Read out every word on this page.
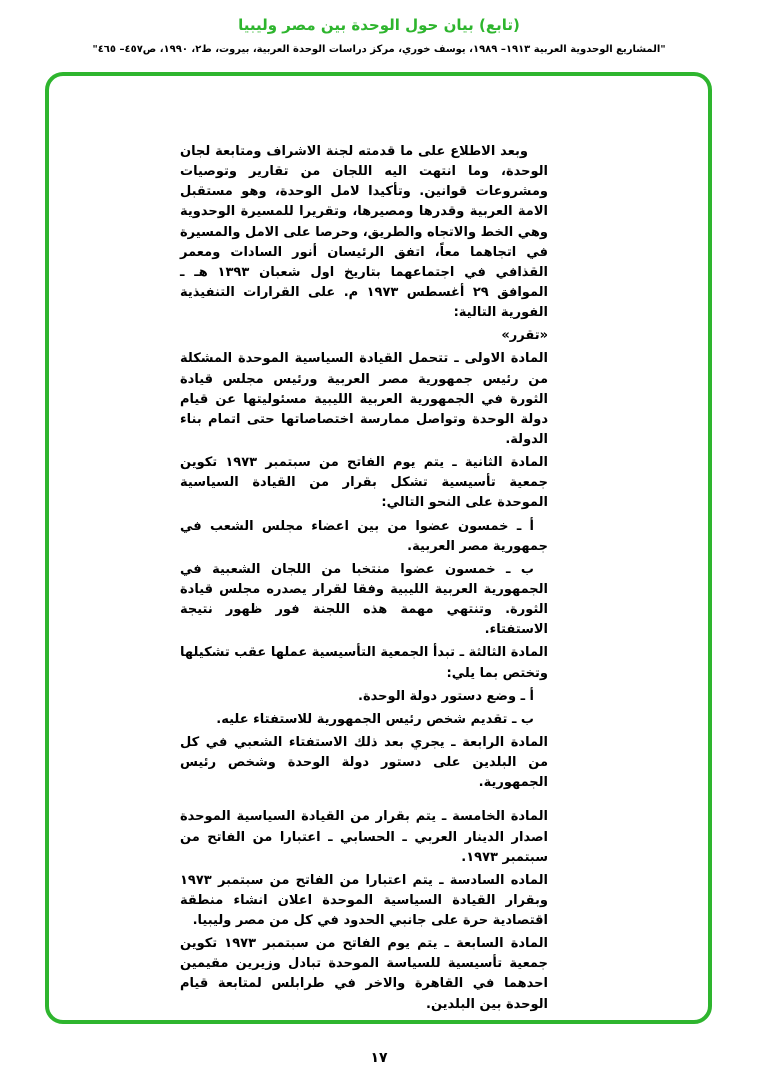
(تابع) بيان حول الوحدة بين مصر وليبيا
"المشاريع الوحدوية العربية ١٩١٣– ١٩٨٩، يوسف خوري، مركز دراسات الوحدة العربية، بيروت، ط٢، ١٩٩٠، ص٤٥٧– ٤٦٥"

وبعد الاطلاع على ما قدمته لجنة الاشراف ومتابعة لجان الوحدة، وما انتهت اليه اللجان من تقارير وتوصيات ومشروعات قوانين. وتأكيدا لامل الوحدة، وهو مستقبل الامة العربية وقدرها ومصيرها، وتقريرا للمسيرة الوحدوية وهي الخط والاتجاه والطريق، وحرصا على الامل والمسيرة في اتجاهما معاً، اتفق الرئيسان أنور السادات ومعمر القذافي في اجتماعهما بتاريخ اول شعبان ١٣٩٣ هـ ـ الموافق ٢٩ أغسطس ١٩٧٣ م. على القرارات التنفيذية الفورية التالية:

«تقرر»

المادة الاولى ـ تتحمل القيادة السياسية الموحدة المشكلة من رئيس جمهورية مصر العربية ورئيس مجلس قيادة الثورة في الجمهورية العربية الليبية مسئوليتها عن قيام دولة الوحدة وتواصل ممارسة اختصاصاتها حتى اتمام بناء الدولة.

المادة الثانية ـ يتم يوم الفاتح من سبتمبر ١٩٧٣ تكوين جمعية تأسيسية تشكل بقرار من القيادة السياسية الموحدة على النحو التالي:

أ ـ خمسون عضوا من بين اعضاء مجلس الشعب في جمهورية مصر العربية.

ب ـ خمسون عضوا منتخبا من اللجان الشعبية في الجمهورية العربية الليبية وفقا لقرار يصدره مجلس قيادة الثورة. وتنتهي مهمة هذه اللجنة فور ظهور نتيجة الاستفتاء.

المادة الثالثة ـ تبدأ الجمعية التأسيسية عملها عقب تشكيلها وتختص بما يلي:

أ ـ وضع دستور دولة الوحدة.

ب ـ تقديم شخص رئيس الجمهورية للاستفتاء عليه.

المادة الرابعة ـ يجري بعد ذلك الاستفتاء الشعبي في كل من البلدين على دستور دولة الوحدة وشخص رئيس الجمهورية.

المادة الخامسة ـ يتم بقرار من القيادة السياسية الموحدة اصدار الدينار العربي ـ الحسابي ـ اعتبارا من الفاتح من سبتمبر ١٩٧٣.

الماده السادسة ـ يتم اعتبارا من الفاتح من سبتمبر ١٩٧٣ وبقرار القيادة السياسية الموحدة اعلان انشاء منطقة اقتصادية حرة على جانبي الحدود في كل من مصر وليبيا.

المادة السابعة ـ يتم يوم الفاتح من سبتمبر ١٩٧٣ تكوين جمعية تأسيسية للسياسة الموحدة تبادل وزيرين مقيمين احدهما في القاهرة والاخر في طرابلس لمتابعة قيام الوحدة بين البلدين.

١٧
